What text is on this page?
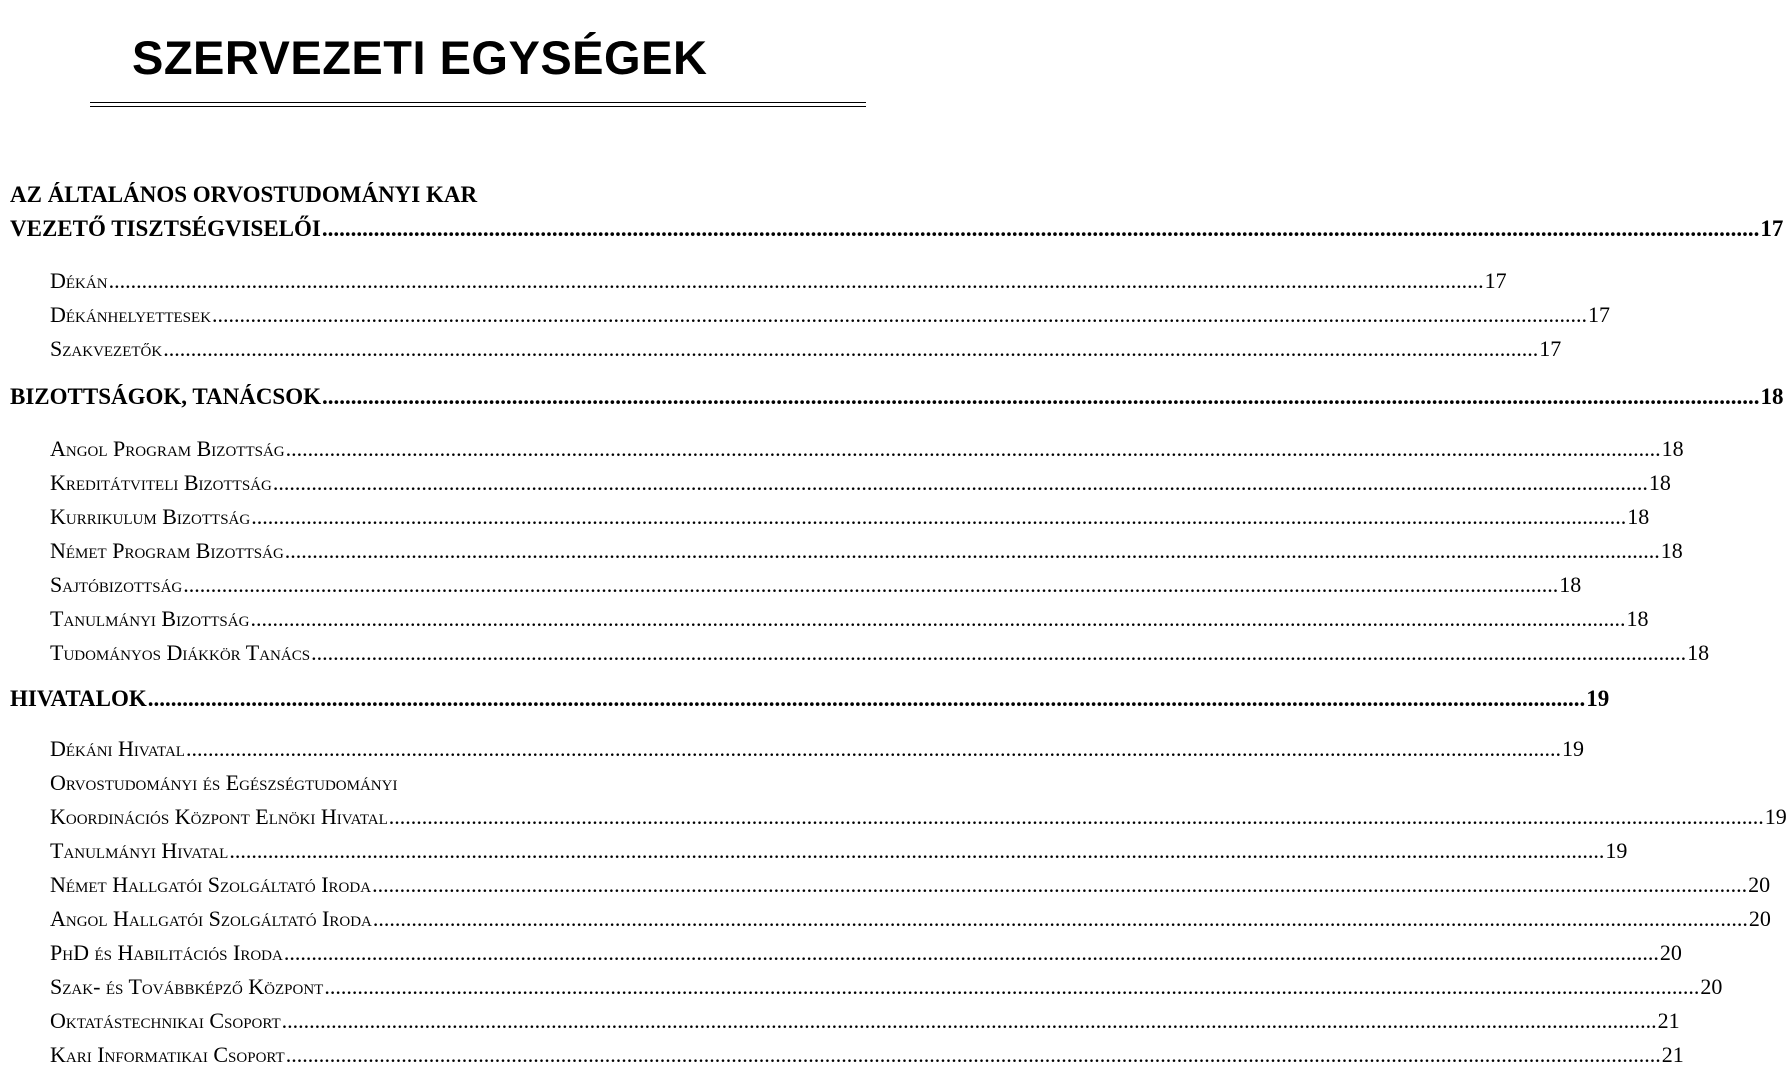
SZERVEZETI EGYSÉGEK
AZ ÁLTALÁNOS ORVOSTUDOMÁNYI KAR
VEZETŐ TISZTSÉGVISELŐI .......................................................................................................................................................................................................................................................... 17
Dékán .......................................................................................................................................................................................................................................................... 17
Dékánhelyettesek .......................................................................................................................................................................................................................................................... 17
Szakvezetők .......................................................................................................................................................................................................................................................... 17
BIZOTTSÁGOK, TANÁCSOK .......................................................................................................................................................................................................................................................... 18
Angol Program Bizottság .......................................................................................................................................................................................................................................................... 18
Kreditátviteli Bizottság .......................................................................................................................................................................................................................................................... 18
Kurrikulum Bizottság .......................................................................................................................................................................................................................................................... 18
Német Program Bizottság .......................................................................................................................................................................................................................................................... 18
Sajtóbizottság .......................................................................................................................................................................................................................................................... 18
Tanulmányi Bizottság .......................................................................................................................................................................................................................................................... 18
Tudományos Diákkör Tanács .......................................................................................................................................................................................................................................................... 18
HIVATALOK .......................................................................................................................................................................................................................................................... 19
Dékáni Hivatal .......................................................................................................................................................................................................................................................... 19
Orvostudományi és Egészségtudományi
Koordinációs Központ Elnöki Hivatal .......................................................................................................................................................................................................................................................... 19
Tanulmányi Hivatal .......................................................................................................................................................................................................................................................... 19
Német Hallgatói Szolgáltató Iroda .......................................................................................................................................................................................................................................................... 20
Angol Hallgatói Szolgáltató Iroda .......................................................................................................................................................................................................................................................... 20
PhD és Habilitációs Iroda .......................................................................................................................................................................................................................................................... 20
Szak- és Továbbképző Központ .......................................................................................................................................................................................................................................................... 20
Oktatástechnikai Csoport .......................................................................................................................................................................................................................................................... 21
Kari Informatikai Csoport .......................................................................................................................................................................................................................................................... 21
